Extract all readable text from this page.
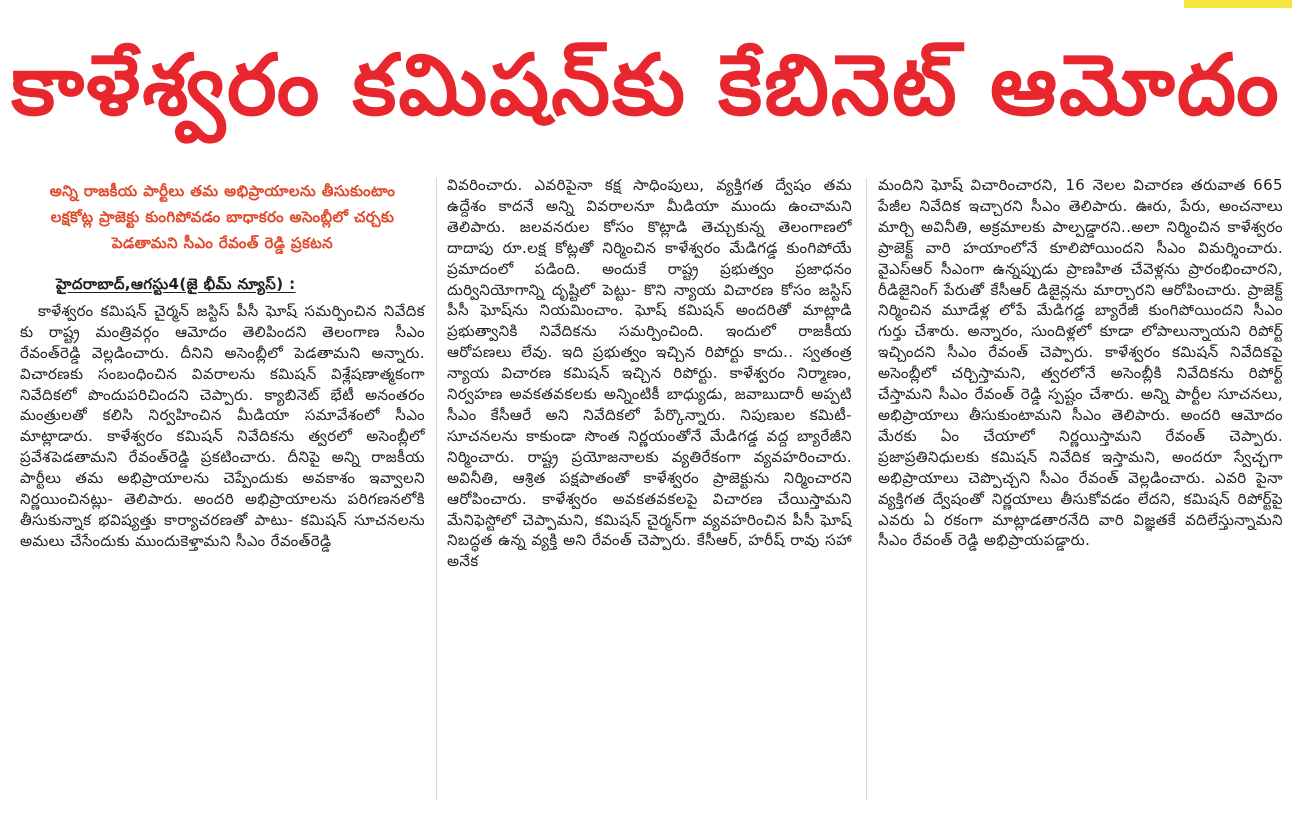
కాళేశ్వరం కమిషన్‌కు కేబినెట్ ఆమోదం

అన్ని రాజకీయ పార్టీలు తమ అభిప్రాయాలను తీసుకుంటాం

లక్షకోట్ల ప్రాజెక్టు కుంగిపోవడం బాధాకరం అసెంబ్లీలో చర్చకు పెడతామని సీఎం రేవంత్ రెడ్డి ప్రకటన

హైదరాబాద్,ఆగస్టు4(జై భీమ్ న్యూస్) :

కాళేశ్వరం కమిషన్ చైర్మన్ జస్టిస్ పీసీ ఘోష్ సమర్పించిన నివేదిక కు రాష్ట్ర మంత్రివర్గం ఆమోదం తెలిపిందని తెలంగాణ సీఎం రేవంత్‌రెడ్డి వెల్లడించారు. దీనిని అసెంబ్లీలో పెడతామని అన్నారు. విచారణకు సంబంధించిన వివరాలను కమిషన్ విశ్లేషణాత్మకంగా నివేదికలో పొందుపరిచిందని చెప్పారు. క్యాబినెట్ భేటీ అనంతరం మంత్రులతో కలిసి నిర్వహించిన మీడియా సమావేశంలో సీఎం మాట్లాడారు. కాళేశ్వరం కమిషన్ నివేదికను త్వరలో అసెంబ్లీలో ప్రవేశపెడతామని రేవంత్‌రెడ్డి ప్రకటించారు. దీనిపై అన్ని రాజకీయ పార్టీలు తమ అభిప్రాయాలను చెప్పేందుకు అవకాశం ఇవ్వాలని నిర్ణయించినట్లు- తెలిపారు. అందరి అభిప్రాయాలను పరిగణనలోకి తీసుకున్నాక భవిష్యత్తు కార్యాచరణతో పాటు- కమిషన్ సూచనలను అమలు చేసేందుకు ముందుకెళ్తామని సీఎం రేవంత్‌రెడ్డి

వివరించారు. ఎవరిపైనా కక్ష సాధింపులు, వ్యక్తిగత ద్వేషం తమ ఉద్దేశం కాదనే అన్ని వివరాలనూ మీడియా ముందు ఉంచామని తెలిపారు. జలవనరుల కోసం కొట్లాడి తెచ్చుకున్న తెలంగాణలో దాదాపు రూ.లక్ష కోట్లతో నిర్మించిన కాళేశ్వరం మేడిగడ్డ కుంగిపోయే ప్రమాదంలో పడింది. అందుకే రాష్ట్ర ప్రభుత్వం ప్రజాధనం దుర్వినియోగాన్ని దృష్టిలో పెట్టు- కొని న్యాయ విచారణ కోసం జస్టిస్ పీసీ ఘోష్‌ను నియమించాం. ఘోష్ కమిషన్ అందరితో మాట్లాడి ప్రభుత్వానికి నివేదికను సమర్పించింది. ఇందులో రాజకీయ ఆరోపణలు లేవు. ఇది ప్రభుత్వం ఇచ్చిన రిపోర్టు కాదు.. స్వతంత్ర న్యాయ విచారణ కమిషన్ ఇచ్చిన రిపోర్టు. కాళేశ్వరం నిర్మాణం, నిర్వహణ అవకతవకలకు అన్నింటికీ బాధ్యుడు, జవాబుదారీ అప్పటి సీఎం కేసీఆరే అని నివేదికలో పేర్కొన్నారు. నిపుణుల కమిటీ- సూచనలను కాకుండా సొంత నిర్ణయంతోనే మేడిగడ్డ వద్ద బ్యారేజీని నిర్మించారు. రాష్ట్ర ప్రయోజనాలకు వ్యతిరేకంగా వ్యవహరించారు. అవినీతి, ఆశ్రిత పక్షపాతంతో కాళేశ్వరం ప్రాజెక్టును నిర్మించారని ఆరోపించారు. కాళేశ్వరం అవకతవకలపై విచారణ చేయిస్తామని మేనిఫెస్టోలో చెప్పామని, కమిషన్ చైర్మన్‌గా వ్యవహరించిన పీసీ ఘోష్ నిబద్ధత ఉన్న వ్యక్తి అని రేవంత్ చెప్పారు. కేసీఆర్, హరీష్ రావు సహా అనేక

మందిని ఘోష్ విచారించారని, 16 నెలల విచారణ తరువాత 665 పేజీల నివేదిక ఇచ్చారని సీఎం తెలిపారు. ఊరు, పేరు, అంచనాలు మార్చి అవినీతి, అక్రమాలకు పాల్పడ్డారని..అలా నిర్మించిన కాళేశ్వరం ప్రాజెక్ట్ వారి హయాంలోనే కూలిపోయిందని సీఎం విమర్శించారు. వైఎస్ఆర్ సీఎంగా ఉన్నప్పుడు ప్రాణహిత చేవెళ్లను ప్రారంభించారని, రీడిజైనింగ్ పేరుతో కేసీఆర్ డిజైన్లను మార్చారని ఆరోపించారు. ప్రాజెక్ట్ నిర్మించిన మూడేళ్ల లోపే మేడిగడ్డ బ్యారేజీ కుంగిపోయిందని సీఎం గుర్తు చేశారు. అన్నారం, సుందిళ్లలో కూడా లోపాలున్నాయని రిపోర్ట్ ఇచ్చిందని సీఎం రేవంత్ చెప్పారు. కాళేశ్వరం కమిషన్ నివేదికపై అసెంబ్లీలో చర్చిస్తామని, త్వరలోనే అసెంబ్లీకి నివేదికను రిపోర్ట్ చేస్తామని సీఎం రేవంత్ రెడ్డి స్పష్టం చేశారు. అన్ని పార్టీల సూచనలు, అభిప్రాయాలు తీసుకుంటామని సీఎం తెలిపారు. అందరి ఆమోదం మేరకు ఏం చేయాలో నిర్ణయిస్తామని రేవంత్ చెప్పారు. ప్రజాప్రతినిధులకు కమిషన్ నివేదిక ఇస్తామని, అందరూ స్వేచ్ఛగా అభిప్రాయాలు చెప్పొచ్చని సీఎం రేవంత్ వెల్లడించారు. ఎవరి పైనా వ్యక్తిగత ద్వేషంతో నిర్ణయాలు తీసుకోవడం లేదని, కమిషన్ రిపోర్ట్‌పై ఎవరు ఏ రకంగా మాట్లాడతారనేది వారి విజ్ఞతకే వదిలేస్తున్నామని సీఎం రేవంత్ రెడ్డి అభిప్రాయపడ్డారు.
